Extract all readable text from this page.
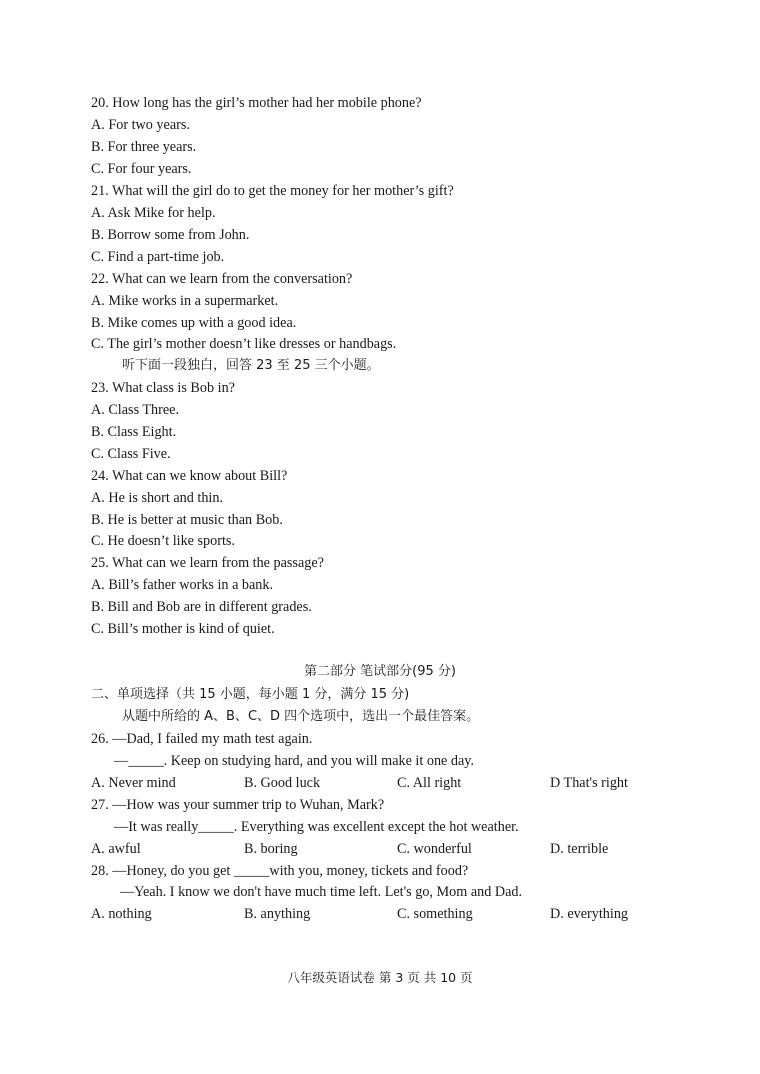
20. How long has the girl’s mother had her mobile phone?
A. For two years.
B. For three years.
C. For four years.
21. What will the girl do to get the money for her mother’s gift?
A. Ask Mike for help.
B. Borrow some from John.
C. Find a part-time job.
22. What can we learn from the conversation?
A. Mike works in a supermarket.
B. Mike comes up with a good idea.
C. The girl’s mother doesn’t like dresses or handbags.
听下面一段独白，回答 23 至 25 三个小题。
23. What class is Bob in?
A. Class Three.
B. Class Eight.
C. Class Five.
24. What can we know about Bill?
A. He is short and thin.
B. He is better at music than Bob.
C. He doesn’t like sports.
25. What can we learn from the passage?
A. Bill’s father works in a bank.
B. Bill and Bob are in different grades.
C. Bill’s mother is kind of quiet.
第二部分 笔试部分(95 分)
二、单项选择（共 15 小题，每小题 1 分，满分 15 分)
从题中所给的 A、B、C、D 四个选项中，选出一个最佳答案。
26. —Dad, I failed my math test again.
—_____. Keep on studying hard, and you will make it one day.
A. Never mind	B. Good luck	C. All right	D That's right
27. —How was your summer trip to Wuhan, Mark?
—It was really_____. Everything was excellent except the hot weather.
A. awful	B. boring	C. wonderful	D. terrible
28. —Honey, do you get _____with you, money, tickets and food?
—Yeah. I know we don't have much time left. Let's go, Mom and Dad.
A. nothing	B. anything	C. something	D. everything
八年级英语试卷 第 3 页 共 10 页
